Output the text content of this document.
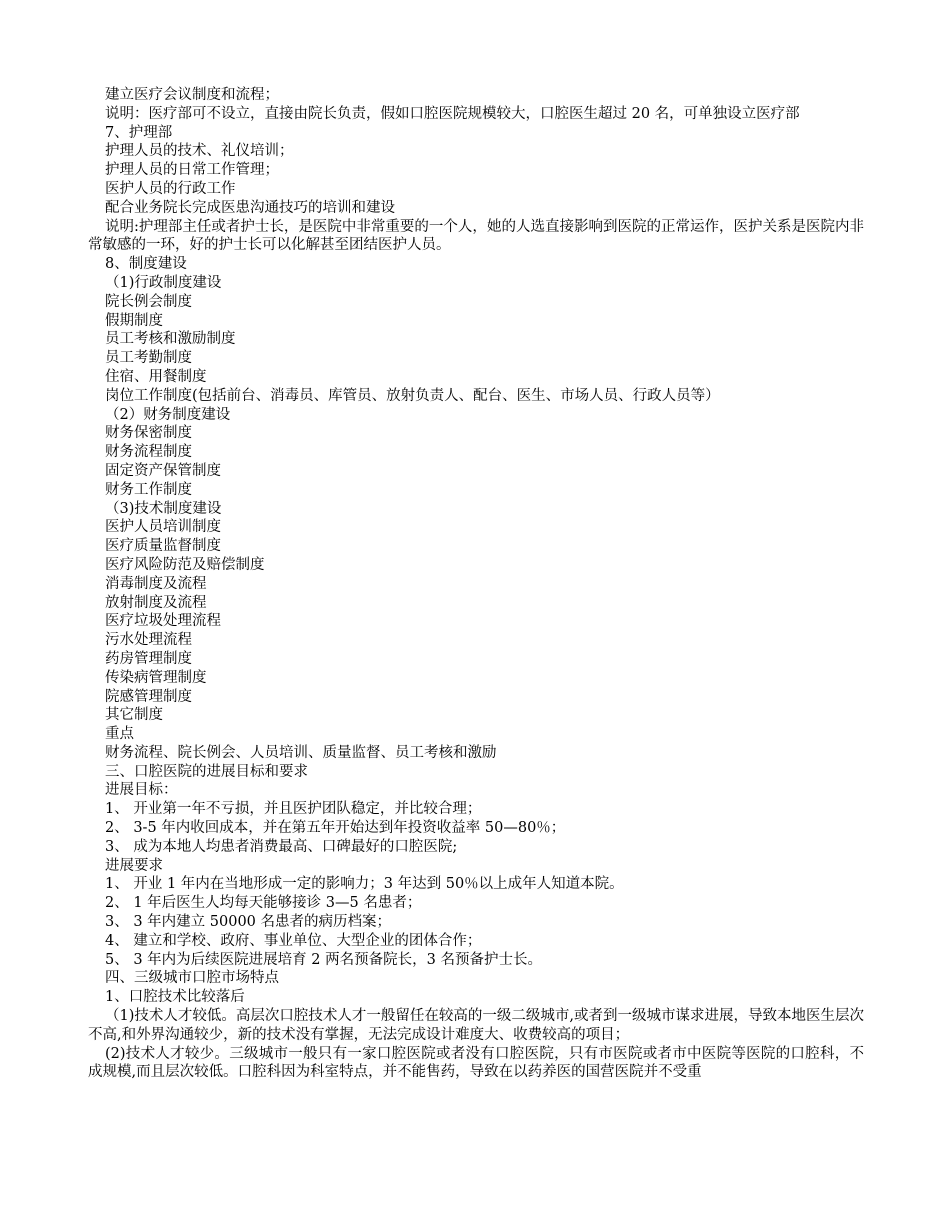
建立医疗会议制度和流程；
说明：医疗部可不设立，直接由院长负责，假如口腔医院规模较大，口腔医生超过 20 名，可单独设立医疗部
7、护理部
护理人员的技术、礼仪培训；
护理人员的日常工作管理；
医护人员的行政工作
配合业务院长完成医患沟通技巧的培训和建设
说明:护理部主任或者护士长，是医院中非常重要的一个人，她的人选直接影响到医院的正常运作，医护关系是医院内非常敏感的一环，好的护士长可以化解甚至团结医护人员。
8、制度建设
（1)行政制度建设
院长例会制度
假期制度
员工考核和激励制度
员工考勤制度
住宿、用餐制度
岗位工作制度(包括前台、消毒员、库管员、放射负责人、配台、医生、市场人员、行政人员等）
（2）财务制度建设
财务保密制度
财务流程制度
固定资产保管制度
财务工作制度
（3)技术制度建设
医护人员培训制度
医疗质量监督制度
医疗风险防范及赔偿制度
消毒制度及流程
放射制度及流程
医疗垃圾处理流程
污水处理流程
药房管理制度
传染病管理制度
院感管理制度
其它制度
重点
财务流程、院长例会、人员培训、质量监督、员工考核和激励
三、口腔医院的进展目标和要求
进展目标：
1、 开业第一年不亏损，并且医护团队稳定，并比较合理；
2、 3-5 年内收回成本，并在第五年开始达到年投资收益率 50—80％；
3、 成为本地人均患者消费最高、口碑最好的口腔医院;
进展要求
1、 开业 1 年内在当地形成一定的影响力；3 年达到 50％以上成年人知道本院。
2、 1 年后医生人均每天能够接诊 3—5 名患者；
3、 3 年内建立 50000 名患者的病历档案；
4、 建立和学校、政府、事业单位、大型企业的团体合作；
5、 3 年内为后续医院进展培育 2 两名预备院长，3 名预备护士长。
四、三级城市口腔市场特点
1、口腔技术比较落后
（1)技术人才较低。高层次口腔技术人才一般留任在较高的一级二级城市,或者到一级城市谋求进展，导致本地医生层次不高,和外界沟通较少，新的技术没有掌握，无法完成设计难度大、收费较高的项目；
(2)技术人才较少。三级城市一般只有一家口腔医院或者没有口腔医院，只有市医院或者市中医院等医院的口腔科，不成规模,而且层次较低。口腔科因为科室特点，并不能售药，导致在以药养医的国营医院并不受重
